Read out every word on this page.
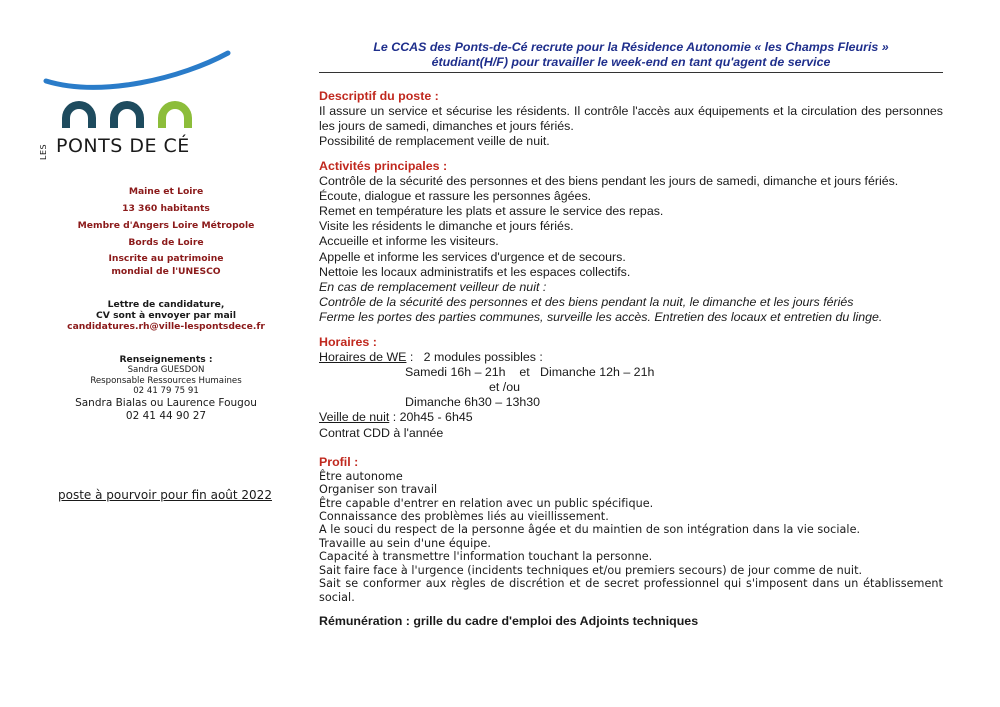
LES PONTS DE CÉ
Maine et Loire
13 360 habitants
Membre d'Angers Loire Métropole
Bords de Loire
Inscrite au patrimoine
mondial de l'UNESCO
Lettre de candidature,
CV sont à envoyer par mail
candidatures.rh@ville-lespontsdece.fr
Renseignements :
Sandra GUESDON
Responsable Ressources Humaines
02 41 79 75 91
Sandra Bialas ou Laurence Fougou
02 41 44 90 27
poste à pourvoir pour fin août 2022
Le CCAS des Ponts-de-Cé recrute pour la Résidence Autonomie « les Champs Fleuris »
étudiant(H/F) pour travailler le week-end en tant qu'agent de service
Descriptif du poste :
Il assure un service et sécurise les résidents. Il contrôle l'accès aux équipements et la circulation des personnes les jours de samedi, dimanches et jours fériés.
Possibilité de remplacement veille de nuit.
Activités principales :
Contrôle de la sécurité des personnes et des biens pendant les jours de samedi, dimanche et jours fériés.
Écoute, dialogue et rassure les personnes âgées.
Remet en température les plats et assure le service des repas.
Visite les résidents le dimanche et jours fériés.
Accueille et informe les visiteurs.
Appelle et informe les services d'urgence et de secours.
Nettoie les locaux administratifs et les espaces collectifs.
En cas de remplacement veilleur de nuit :
Contrôle de la sécurité des personnes et des biens pendant la nuit, le dimanche et les jours fériés
Ferme les portes des parties communes, surveille les accès. Entretien des locaux et entretien du linge.
Horaires :
Horaires de WE :   2 modules possibles :
Samedi 16h – 21h    et   Dimanche 12h – 21h
et /ou
Dimanche 6h30 – 13h30
Veille de nuit : 20h45 - 6h45
Contrat CDD à l'année
Profil :
Être autonome
Organiser son travail
Être capable d'entrer en relation avec un public spécifique.
Connaissance des problèmes liés au vieillissement.
A le souci du respect de la personne âgée et du maintien de son intégration dans la vie sociale.
Travaille au sein d'une équipe.
Capacité à transmettre l'information touchant la personne.
Sait faire face à l'urgence (incidents techniques et/ou premiers secours) de jour comme de nuit.
Sait se conformer aux règles de discrétion et de secret professionnel qui s'imposent dans un établissement social.
Rémunération : grille du cadre d'emploi des Adjoints techniques
